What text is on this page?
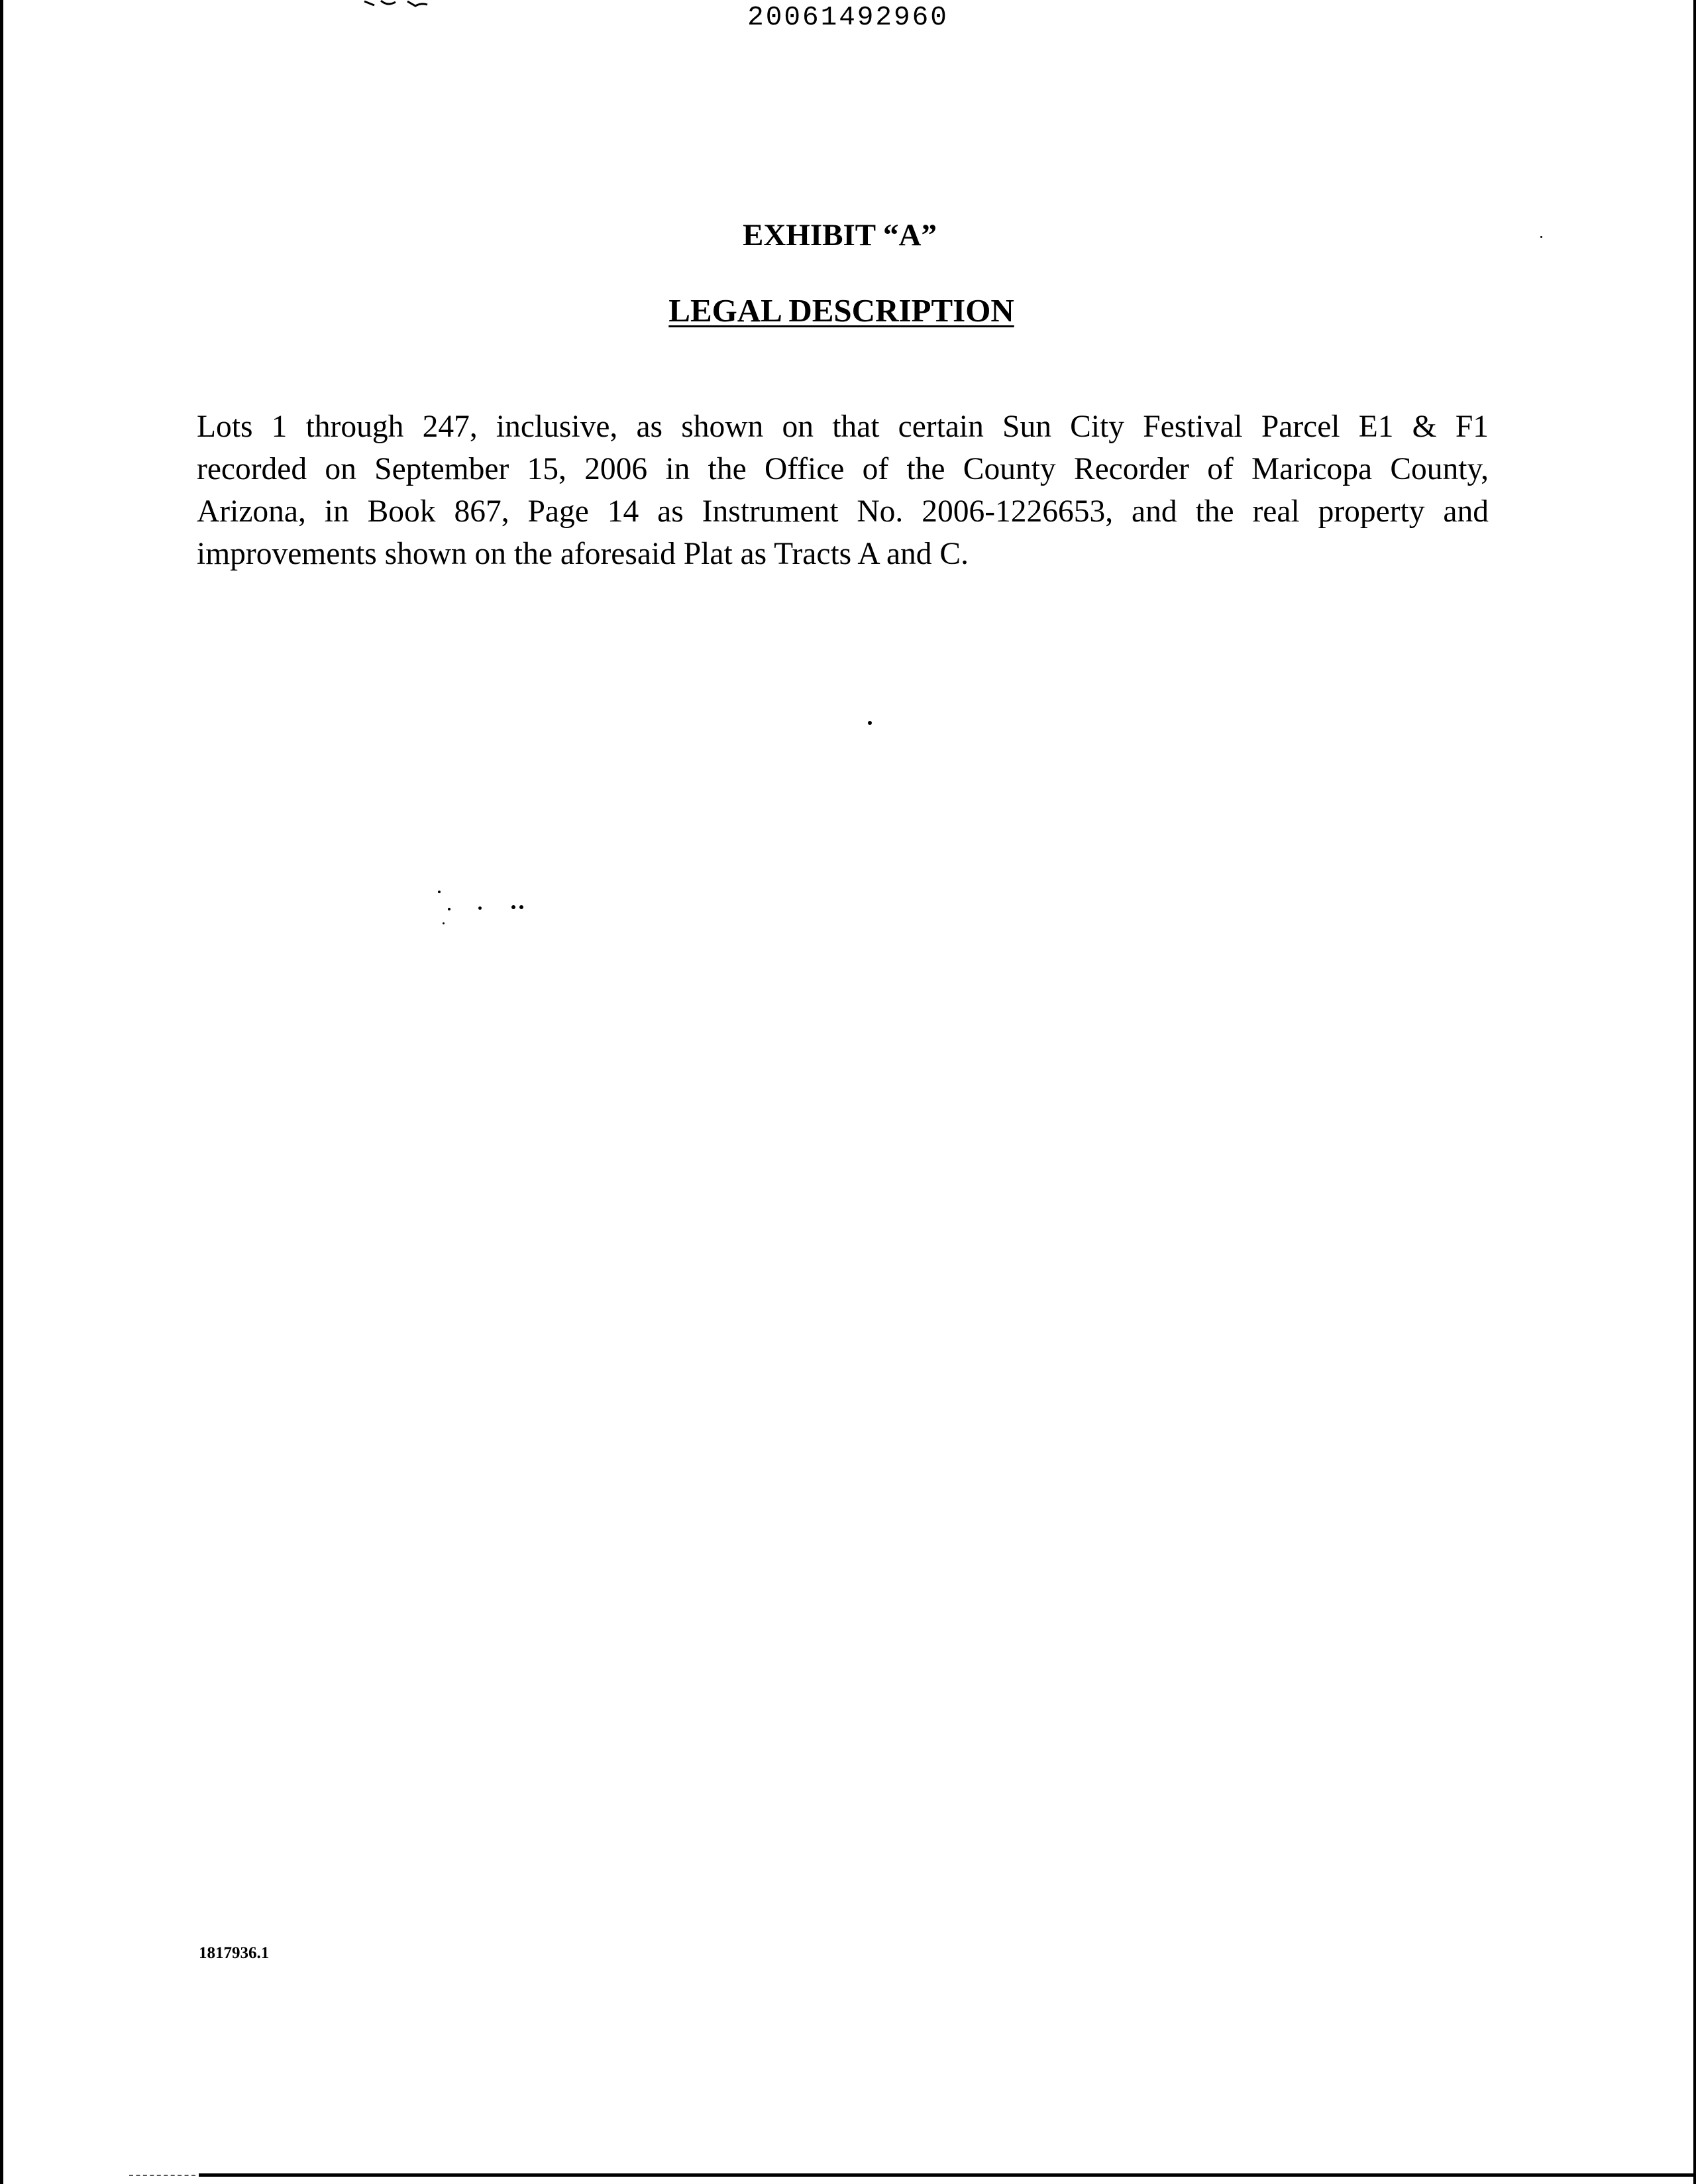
20061492960
EXHIBIT “A”
LEGAL DESCRIPTION
Lots 1 through 247, inclusive, as shown on that certain Sun City Festival Parcel E1 & F1
recorded on September 15, 2006 in the Office of the County Recorder of Maricopa County,
Arizona, in Book 867, Page 14 as Instrument No. 2006-1226653, and the real property and
improvements shown on the aforesaid Plat as Tracts A and C.
1817936.1
